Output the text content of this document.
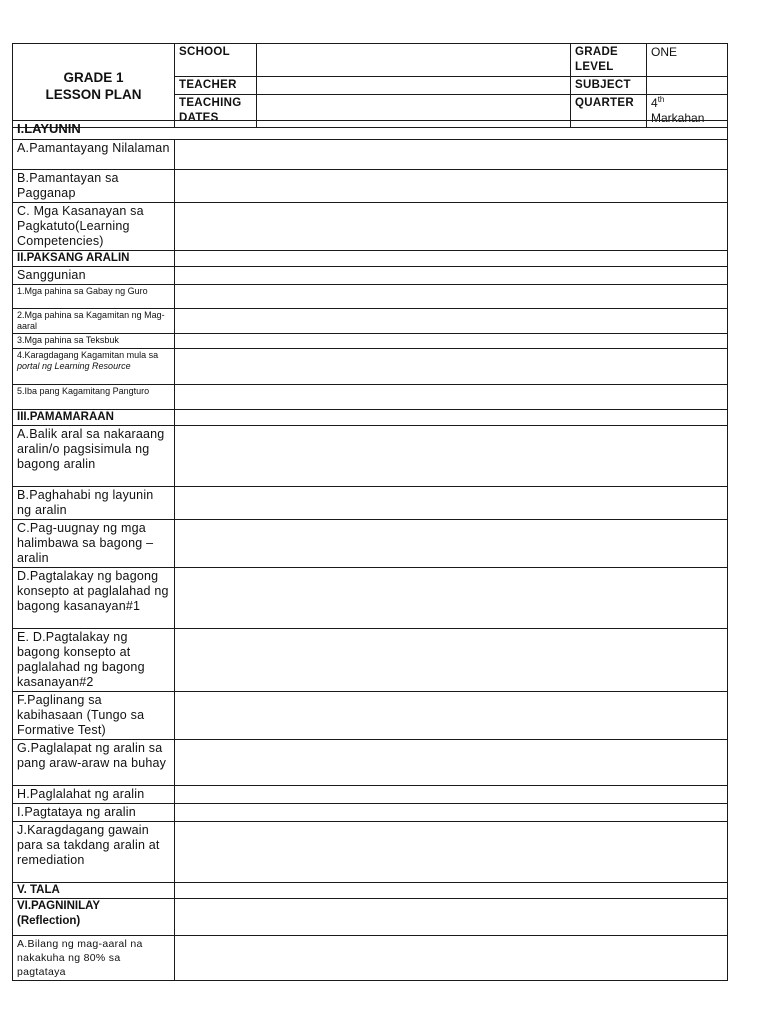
GRADE 1
LESSON PLAN	SCHOOL		GRADE LEVEL	ONE
	TEACHER		SUBJECT	
	TEACHING DATES		QUARTER	4th
Markahan
I.LAYUNIN	
A.Pamantayang Nilalaman	
B.Pamantayan sa Pagganap	
C. Mga Kasanayan sa Pagkatuto(Learning Competencies)	
II.PAKSANG ARALIN	
Sanggunian	
1.Mga pahina sa Gabay ng Guro	
2.Mga pahina sa Kagamitan ng Mag-aaral	
3.Mga pahina sa Teksbuk	
4.Karagdagang Kagamitan mula sa portal ng Learning Resource	
5.Iba pang Kagamitang Pangturo	
III.PAMAMARAAN	
A.Balik aral sa nakaraang aralin/o pagsisimula ng bagong aralin	
B.Paghahabi ng layunin ng aralin	
C.Pag-uugnay ng mga halimbawa sa bagong –aralin	
D.Pagtalakay ng bagong konsepto at paglalahad ng bagong kasanayan#1	
E. D.Pagtalakay ng bagong konsepto at paglalahad ng bagong kasanayan#2	
F.Paglinang sa kabihasaan (Tungo sa Formative Test)	
G.Paglalapat ng aralin sa pang araw-araw na buhay	
H.Paglalahat ng aralin	
I.Pagtataya ng aralin	
J.Karagdagang gawain para sa takdang aralin at remediation	
V. TALA	

VI.PAGNINILAY
(Reflection)	

A.Bilang ng mag-aaral na nakakuha ng 80% sa pagtataya	
